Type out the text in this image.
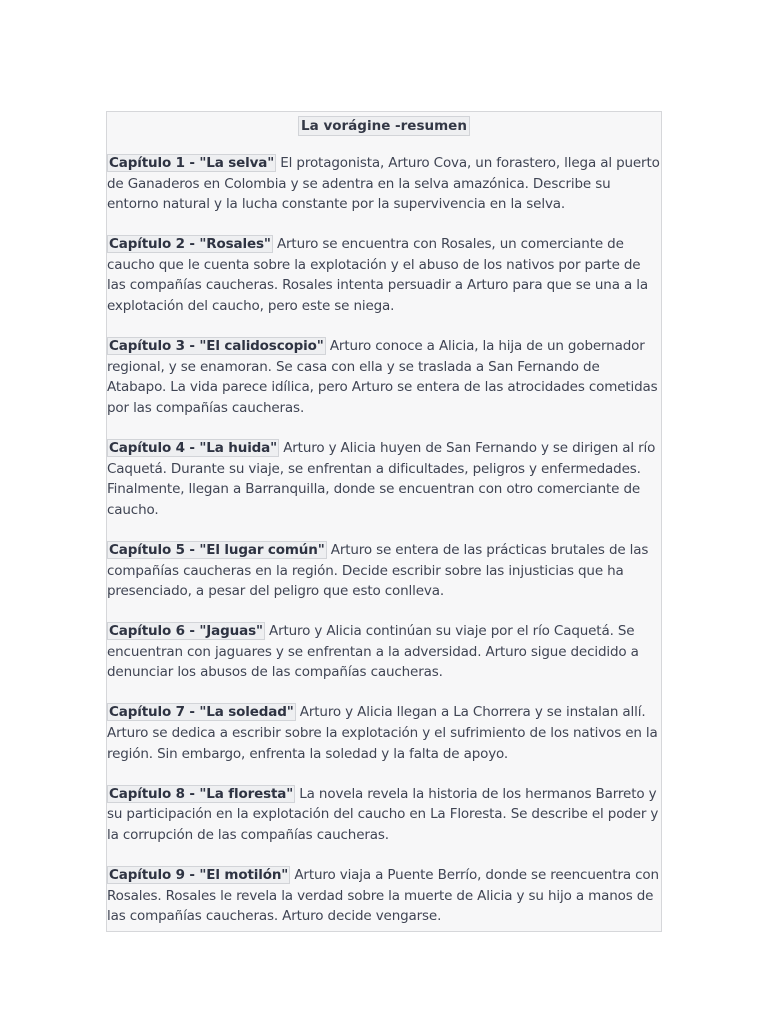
La vorágine -resumen

Capítulo 1 - "La selva" El protagonista, Arturo Cova, un forastero, llega al puerto de Ganaderos en Colombia y se adentra en la selva amazónica. Describe su entorno natural y la lucha constante por la supervivencia en la selva.

Capítulo 2 - "Rosales" Arturo se encuentra con Rosales, un comerciante de caucho que le cuenta sobre la explotación y el abuso de los nativos por parte de las compañías caucheras. Rosales intenta persuadir a Arturo para que se una a la explotación del caucho, pero este se niega.

Capítulo 3 - "El calidoscopio" Arturo conoce a Alicia, la hija de un gobernador regional, y se enamoran. Se casa con ella y se traslada a San Fernando de Atabapo. La vida parece idílica, pero Arturo se entera de las atrocidades cometidas por las compañías caucheras.

Capítulo 4 - "La huida" Arturo y Alicia huyen de San Fernando y se dirigen al río Caquetá. Durante su viaje, se enfrentan a dificultades, peligros y enfermedades. Finalmente, llegan a Barranquilla, donde se encuentran con otro comerciante de caucho.

Capítulo 5 - "El lugar común" Arturo se entera de las prácticas brutales de las compañías caucheras en la región. Decide escribir sobre las injusticias que ha presenciado, a pesar del peligro que esto conlleva.

Capítulo 6 - "Jaguas" Arturo y Alicia continúan su viaje por el río Caquetá. Se encuentran con jaguares y se enfrentan a la adversidad. Arturo sigue decidido a denunciar los abusos de las compañías caucheras.

Capítulo 7 - "La soledad" Arturo y Alicia llegan a La Chorrera y se instalan allí. Arturo se dedica a escribir sobre la explotación y el sufrimiento de los nativos en la región. Sin embargo, enfrenta la soledad y la falta de apoyo.

Capítulo 8 - "La floresta" La novela revela la historia de los hermanos Barreto y su participación en la explotación del caucho en La Floresta. Se describe el poder y la corrupción de las compañías caucheras.

Capítulo 9 - "El motilón" Arturo viaja a Puente Berrío, donde se reencuentra con Rosales. Rosales le revela la verdad sobre la muerte de Alicia y su hijo a manos de las compañías caucheras. Arturo decide vengarse.
